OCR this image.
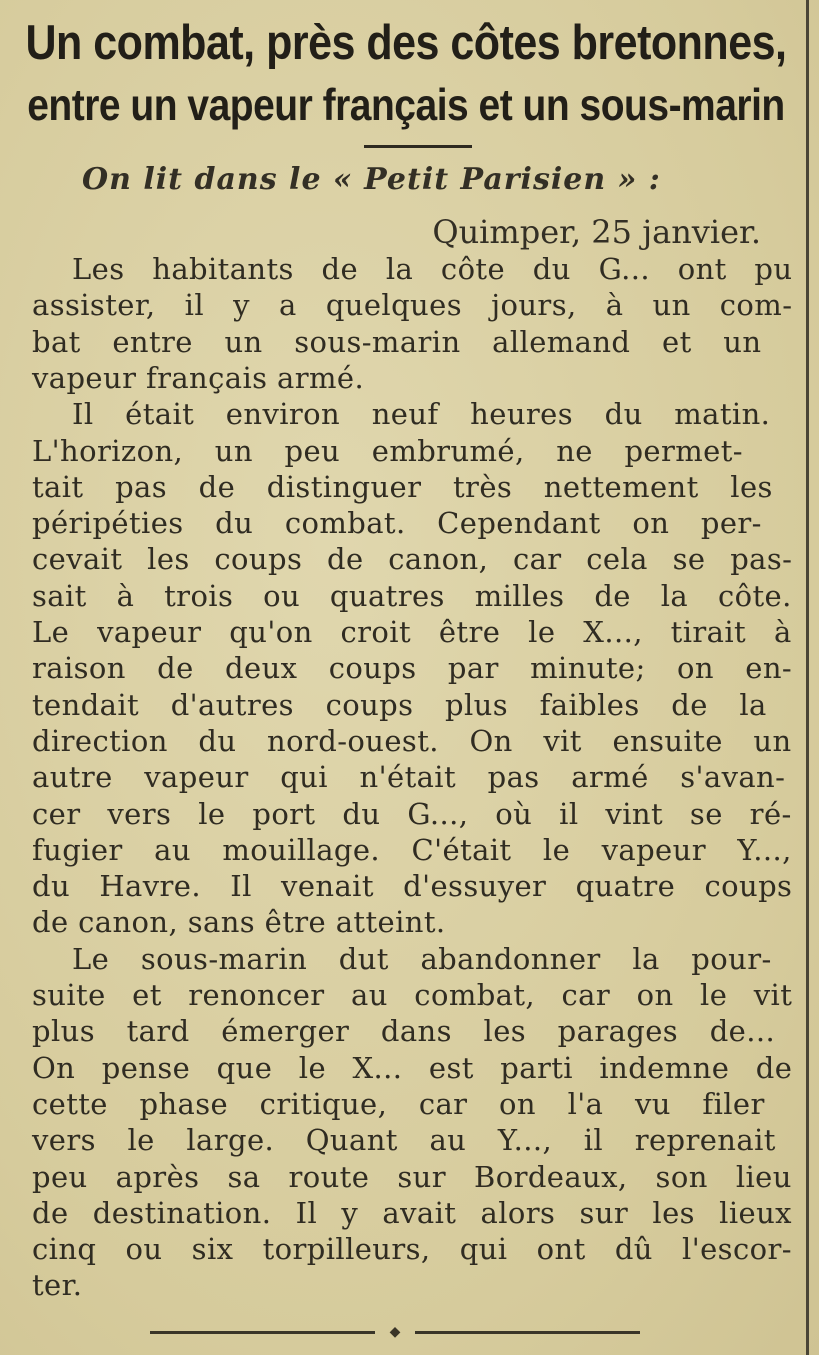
Un combat, près des côtes bretonnes,
entre un vapeur français et un sous-marin
On lit dans le « Petit Parisien » :
Quimper, 25 janvier.
Les habitants de la côte du G... ont pu
assister, il y a quelques jours, à un com-
bat entre un sous-marin allemand et un
vapeur français armé.
Il était environ neuf heures du matin.
L'horizon, un peu embrumé, ne permet-
tait pas de distinguer très nettement les
péripéties du combat. Cependant on per-
cevait les coups de canon, car cela se pas-
sait à trois ou quatres milles de la côte.
Le vapeur qu'on croit être le X..., tirait à
raison de deux coups par minute; on en-
tendait d'autres coups plus faibles de la
direction du nord-ouest. On vit ensuite un
autre vapeur qui n'était pas armé s'avan-
cer vers le port du G..., où il vint se ré-
fugier au mouillage. C'était le vapeur Y...,
du Havre. Il venait d'essuyer quatre coups
de canon, sans être atteint.
Le sous-marin dut abandonner la pour-
suite et renoncer au combat, car on le vit
plus tard émerger dans les parages de...
On pense que le X... est parti indemne de
cette phase critique, car on l'a vu filer
vers le large. Quant au Y..., il reprenait
peu après sa route sur Bordeaux, son lieu
de destination. Il y avait alors sur les lieux
cinq ou six torpilleurs, qui ont dû l'escor-
ter.
◆
